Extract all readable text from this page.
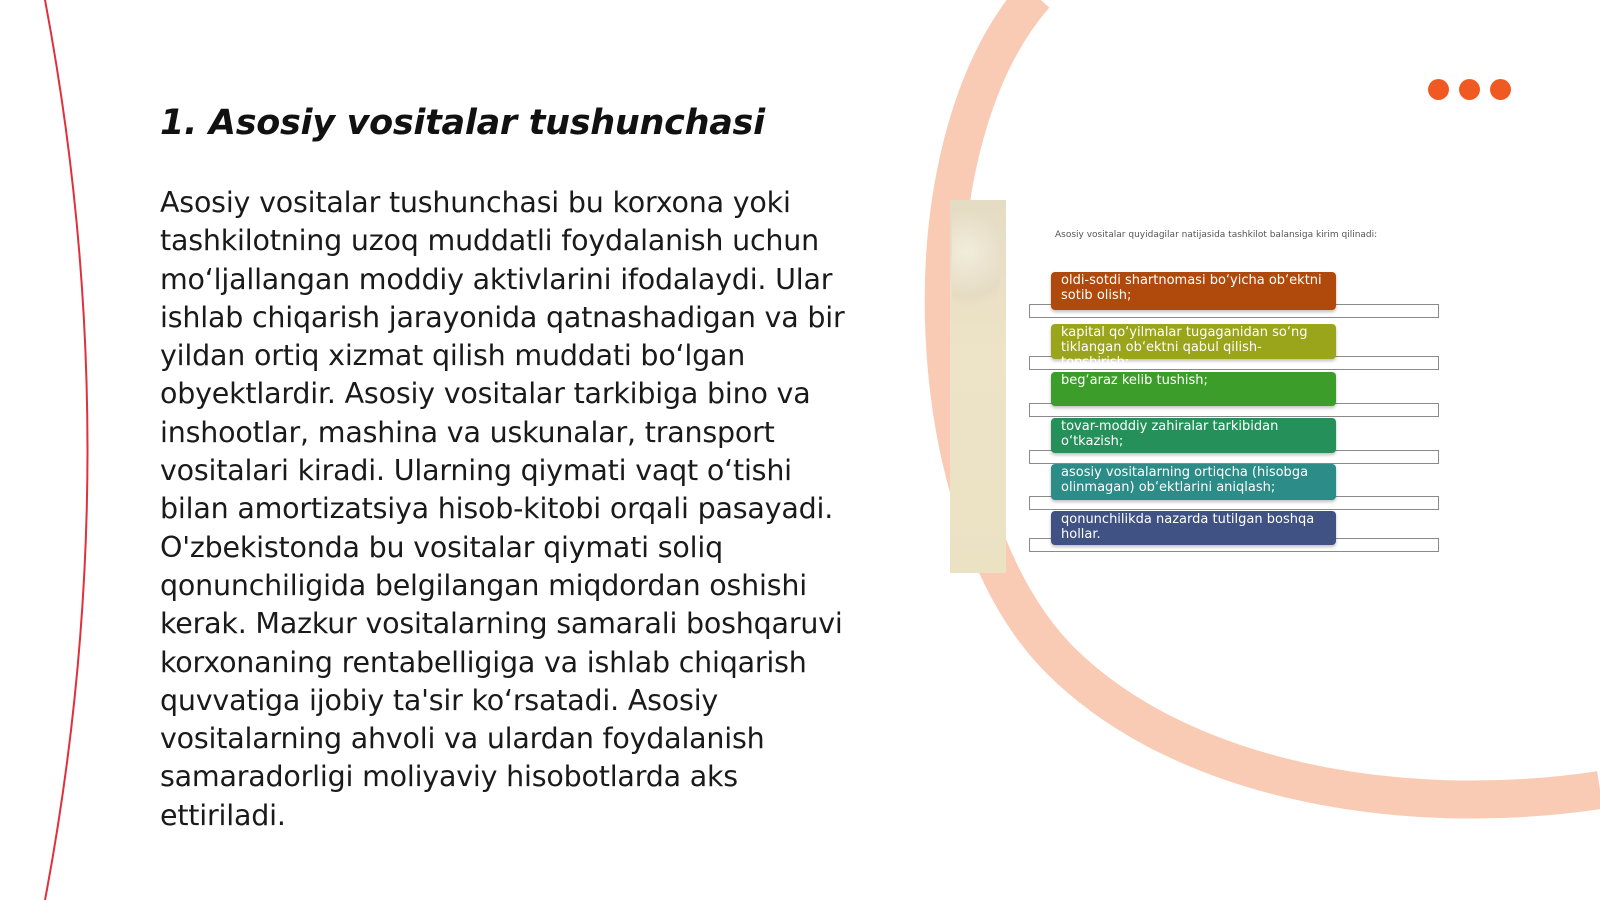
1. Asosiy vositalar tushunchasi

Asosiy vositalar tushunchasi bu korxona yoki tashkilotning uzoq muddatli foydalanish uchun mo‘ljallangan moddiy aktivlarini ifodalaydi. Ular ishlab chiqarish jarayonida qatnashadigan va bir yildan ortiq xizmat qilish muddati bo‘lgan obyektlardir. Asosiy vositalar tarkibiga bino va inshootlar, mashina va uskunalar, transport vositalari kiradi. Ularning qiymati vaqt o‘tishi bilan amortizatsiya hisob-kitobi orqali pasayadi. O'zbekistonda bu vositalar qiymati soliq qonunchiligida belgilangan miqdordan oshishi kerak. Mazkur vositalarning samarali boshqaruvi korxonaning rentabelligiga va ishlab chiqarish quvvatiga ijobiy ta'sir ko‘rsatadi. Asosiy vositalarning ahvoli va ulardan foydalanish samaradorligi moliyaviy hisobotlarda aks ettiriladi.

Asosiy vositalar quyidagilar natijasida tashkilot balansiga kirim qilinadi:
oldi-sotdi shartnomasi bo‘yicha ob‘ektni sotib olish;
kapital qo‘yilmalar tugaganidan so‘ng tiklangan ob‘ektni qabul qilish-topshirish;
beg‘araz kelib tushish;
tovar-moddiy zahiralar tarkibidan o‘tkazish;
asosiy vositalarning ortiqcha (hisobga olinmagan) ob‘ektlarini aniqlash;
qonunchilikda nazarda tutilgan boshqa hollar.
